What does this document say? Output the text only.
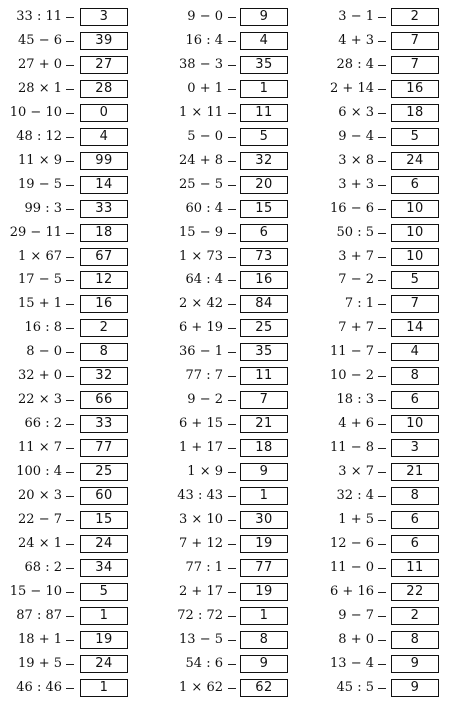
33 : 11	3
45 − 6	39
27 + 0	27
28 × 1	28
10 − 10	0
48 : 12	4
11 × 9	99
19 − 5	14
99 : 3	33
29 − 11	18
1 × 67	67
17 − 5	12
15 + 1	16
16 : 8	2
8 − 0	8
32 + 0	32
22 × 3	66
66 : 2	33
11 × 7	77
100 : 4	25
20 × 3	60
22 − 7	15
24 × 1	24
68 : 2	34
15 − 10	5
87 : 87	1
18 + 1	19
19 + 5	24
46 : 46	1
9 − 0	9
16 : 4	4
38 − 3	35
0 + 1	1
1 × 11	11
5 − 0	5
24 + 8	32
25 − 5	20
60 : 4	15
15 − 9	6
1 × 73	73
64 : 4	16
2 × 42	84
6 + 19	25
36 − 1	35
77 : 7	11
9 − 2	7
6 + 15	21
1 + 17	18
1 × 9	9
43 : 43	1
3 × 10	30
7 + 12	19
77 : 1	77
2 + 17	19
72 : 72	1
13 − 5	8
54 : 6	9
1 × 62	62
3 − 1	2
4 + 3	7
28 : 4	7
2 + 14	16
6 × 3	18
9 − 4	5
3 × 8	24
3 + 3	6
16 − 6	10
50 : 5	10
3 + 7	10
7 − 2	5
7 : 1	7
7 + 7	14
11 − 7	4
10 − 2	8
18 : 3	6
4 + 6	10
11 − 8	3
3 × 7	21
32 : 4	8
1 + 5	6
12 − 6	6
11 − 0	11
6 + 16	22
9 − 7	2
8 + 0	8
13 − 4	9
45 : 5	9
